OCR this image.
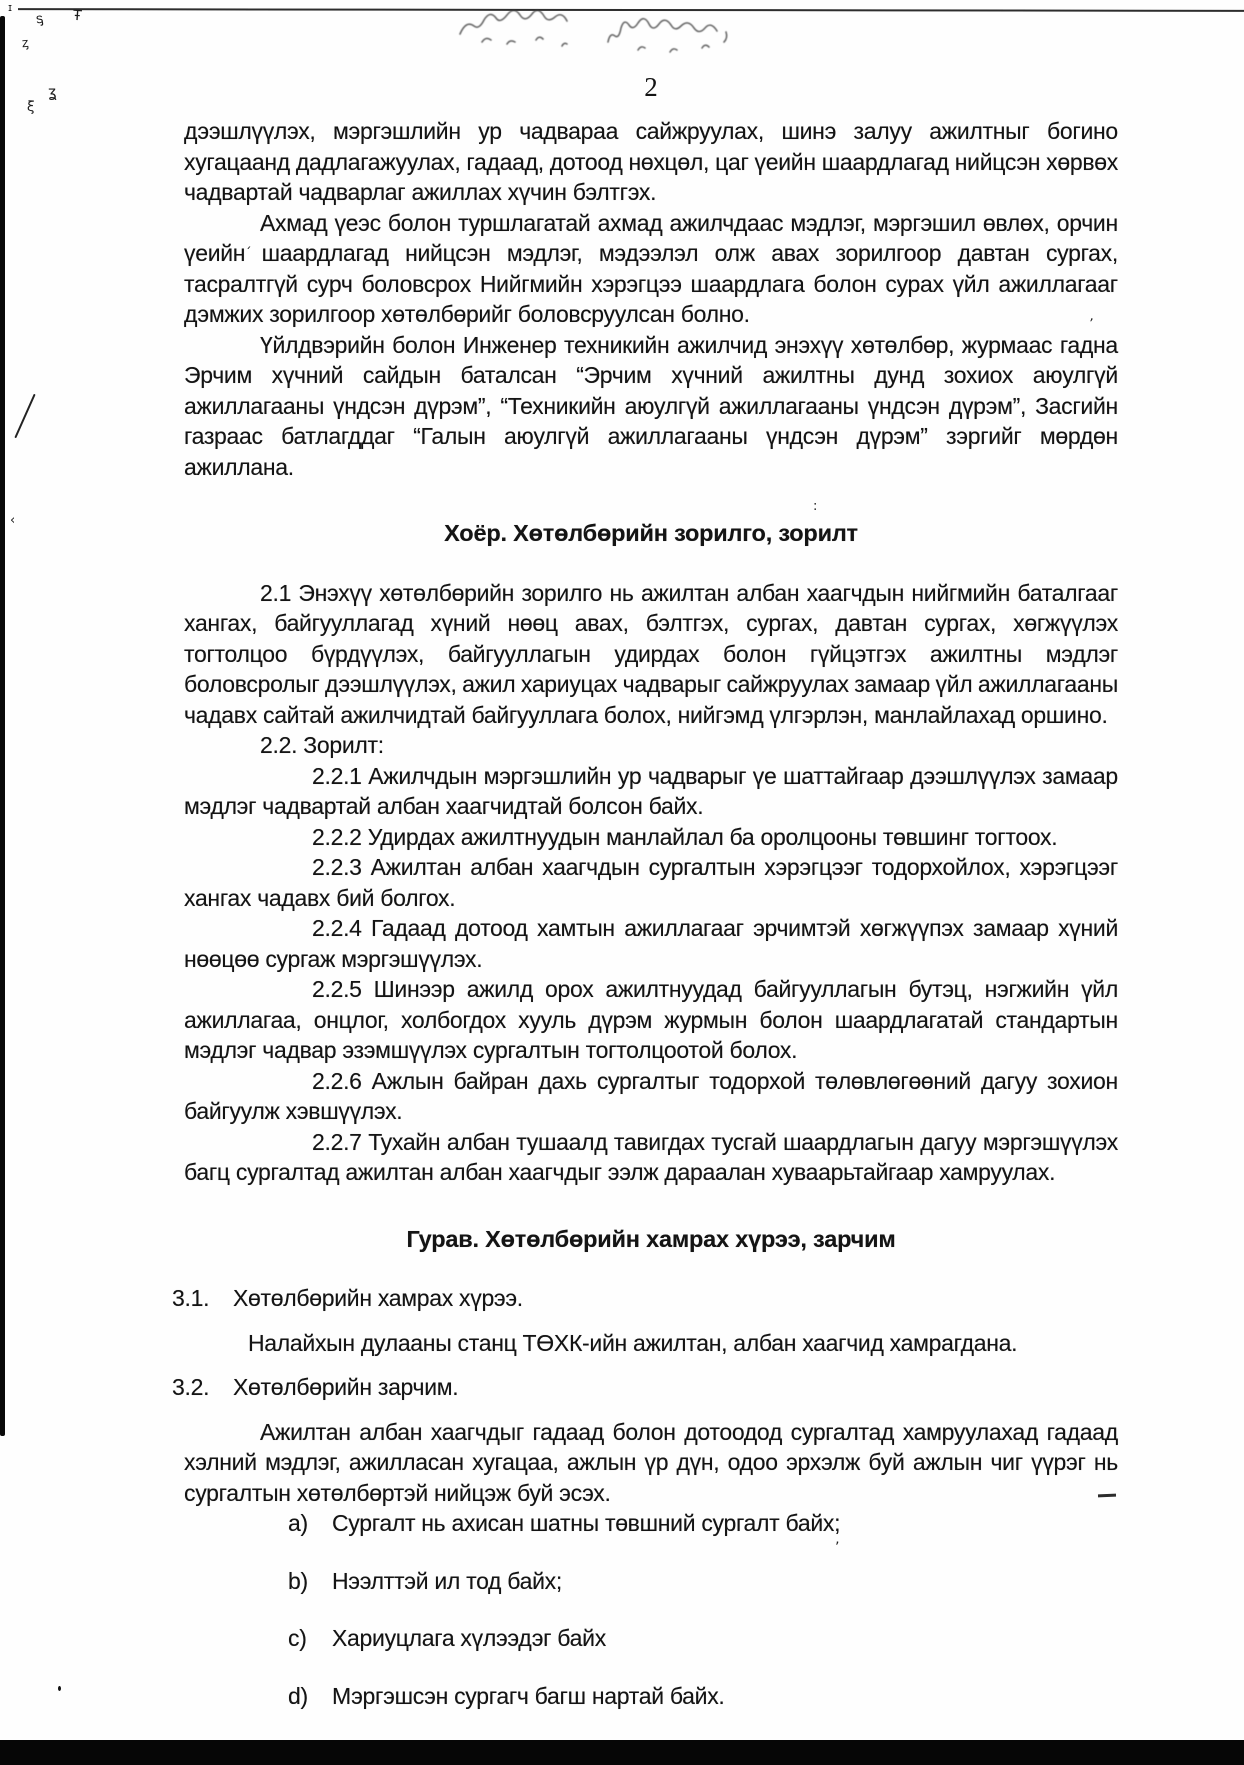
2
дээшлүүлэх, мэргэшлийн ур чадвараа сайжруулах, шинэ залуу ажилтныг богино
хугацаанд дадлагажуулах, гадаад, дотоод нөхцөл, цаг үеийн шаардлагад нийцсэн хөрвөх
чадвартай чадварлаг ажиллах хүчин бэлтгэх.
Ахмад үеэс болон туршлагатай ахмад ажилчдаас мэдлэг, мэргэшил өвлөх, орчин
үеийн шаардлагад нийцсэн мэдлэг, мэдээлэл олж авах зорилгоор давтан сургах,
тасралтгүй сурч боловсрох Нийгмийн хэрэгцээ шаардлага болон сурах үйл ажиллагааг
дэмжих зорилгоор хөтөлбөрийг боловсруулсан болно.
Үйлдвэрийн болон Инженер техникийн ажилчид энэхүү хөтөлбөр, журмаас гадна
Эрчим хүчний сайдын баталсан “Эрчим хүчний ажилтны дунд зохиох аюулгүй
ажиллагааны үндсэн дүрэм”, “Техникийн аюулгүй ажиллагааны үндсэн дүрэм”, Засгийн
газраас батлагддаг “Галын аюулгүй ажиллагааны үндсэн дүрэм” зэргийг мөрдөн
ажиллана.
Хоёр. Хөтөлбөрийн зорилго, зорилт
2.1 Энэхүү хөтөлбөрийн зорилго нь ажилтан албан хаагчдын нийгмийн баталгааг
хангах, байгууллагад хүний нөөц авах, бэлтгэх, сургах, давтан сургах, хөгжүүлэх
тогтолцоо бүрдүүлэх, байгууллагын удирдах болон гүйцэтгэх ажилтны мэдлэг
боловсролыг дээшлүүлэх, ажил хариуцах чадварыг сайжруулах замаар үйл ажиллагааны
чадавх сайтай ажилчидтай байгууллага болох, нийгэмд үлгэрлэн, манлайлахад оршино.
2.2. Зорилт:
2.2.1 Ажилчдын мэргэшлийн ур чадварыг үе шаттайгаар дээшлүүлэх замаар
мэдлэг чадвартай албан хаагчидтай болсон байх.
2.2.2 Удирдах ажилтнуудын манлайлал ба оролцооны төвшинг тогтоох.
2.2.3 Ажилтан албан хаагчдын сургалтын хэрэгцээг тодорхойлох, хэрэгцээг
хангах чадавх бий болгох.
2.2.4 Гадаад дотоод хамтын ажиллагааг эрчимтэй хөгжүүпэх замаар хүний
нөөцөө сургаж мэргэшүүлэх.
2.2.5 Шинээр ажилд орох ажилтнуудад байгууллагын бутэц, нэгжийн үйл
ажиллагаа, онцлог, холбогдох хууль дүрэм журмын болон шаардлагатай стандартын
мэдлэг чадвар эзэмшүүлэх сургалтын тогтолцоотой болох.
2.2.6 Ажлын байран дахь сургалтыг тодорхой төлөвлөгөөний дагуу зохион
байгуулж хэвшүүлэх.
2.2.7 Тухайн албан тушаалд тавигдах тусгай шаардлагын дагуу мэргэшүүлэх
багц сургалтад ажилтан албан хаагчдыг ээлж дараалан хуваарьтайгаар хамруулах.
Гурав. Хөтөлбөрийн хамрах хүрээ, зарчим
3.1.	Хөтөлбөрийн хамрах хүрээ.
Налайхын дулааны станц ТӨХК-ийн ажилтан, албан хаагчид хамрагдана.
3.2.	Хөтөлбөрийн зарчим.
Ажилтан албан хаагчдыг гадаад болон дотоодод сургалтад хамруулахад гадаад
хэлний мэдлэг, ажилласан хугацаа, ажлын үр дүн, одоо эрхэлж буй ажлын чиг үүрэг нь
сургалтын хөтөлбөртэй нийцэж буй эсэх.
a)	Сургалт нь ахисан шатны төвшний сургалт байх;
b)	Нээлттэй ил тод байх;
c)	Хариуцлага хүлээдэг байх
d)	Мэргэшсэн сургагч багш нартай байх.
ɪ
ᶊ Ŧ
ᶎ
ʓ
ξ
‹
,
:
’
ˏ
